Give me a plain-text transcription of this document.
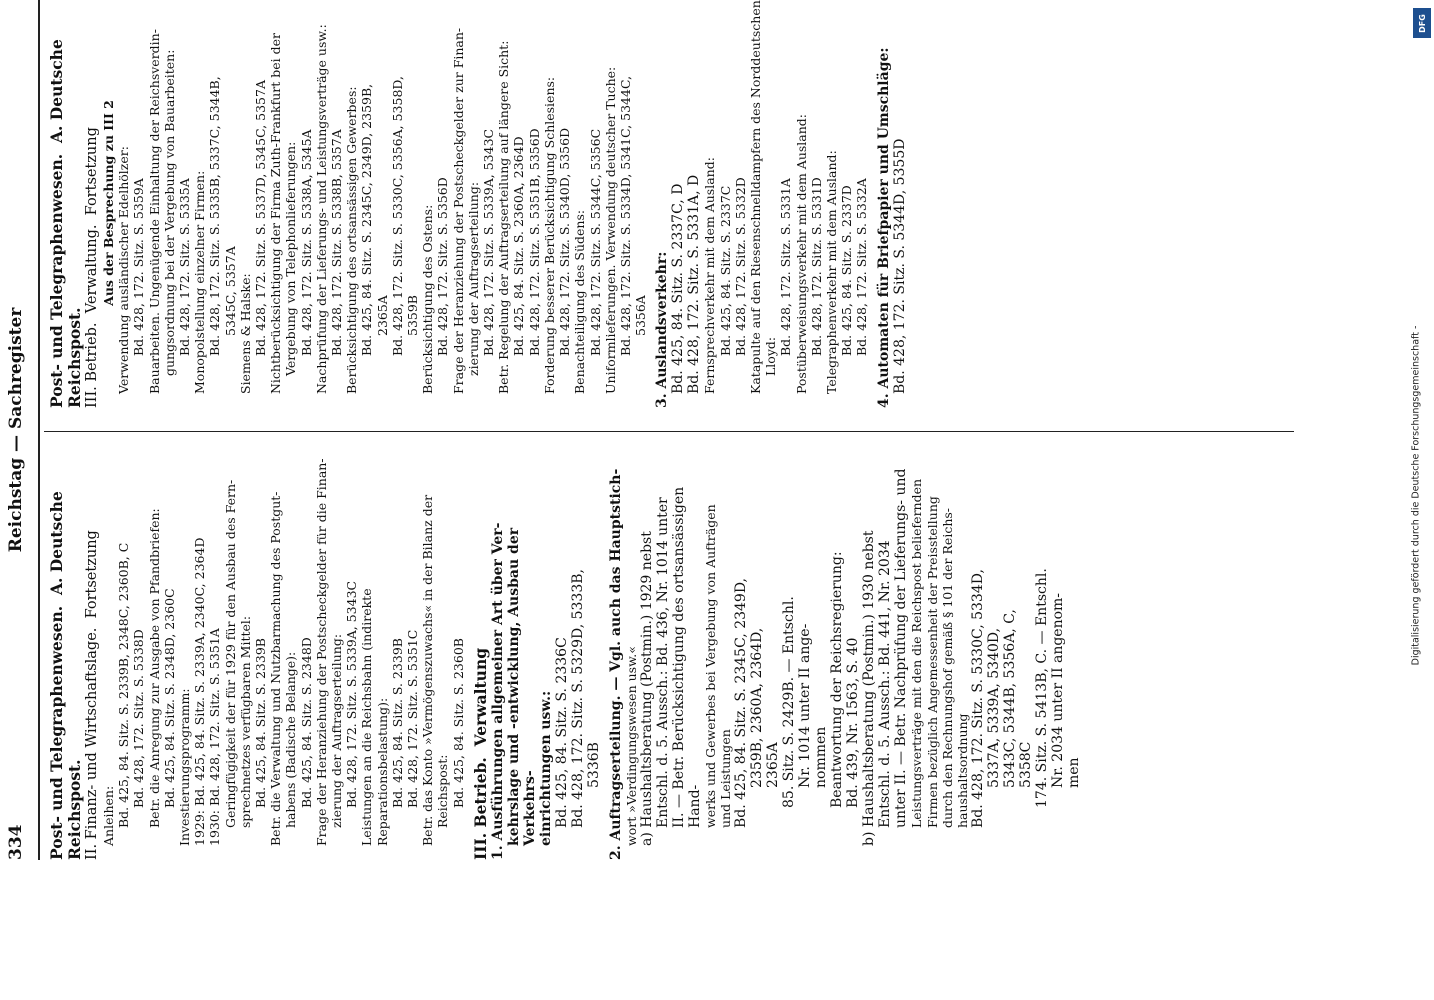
334
Reichstag — Sachregister
Post- und Telegraphenwesen.  A. Deutsche Reichspost. II. Finanz- und Wirtschaftslage.  Fortsetzung Anleihen: Bd. 425, 84. Sitz. S. 2339B, 2348C, 2360B, C Bd. 428, 172. Sitz. S. 5338D Betr. die Anregung zur Ausgabe von Pfandbriefen: Bd. 425, 84. Sitz. S. 2348D, 2360C Investierungsprogramm: 1929: Bd. 425, 84. Sitz. S. 2339A, 2340C, 2364D 1930: Bd. 428, 172. Sitz. S. 5351A Geringfügigkeit der für 1929 für den Ausbau des Fern- sprechnetzes verfügbaren Mittel: Bd. 425, 84. Sitz. S. 2339B Betr. die Verwaltung und Nutzbarmachung des Postgut- habens (Badische Belange): Bd. 425, 84. Sitz. S. 2348D Frage der Heranziehung der Postscheckgelder für die Finan- zierung der Auftragserteilung: Bd. 428, 172. Sitz. S. 5339A, 5343C Leistungen an die Reichsbahn (indirekte Reparationsbelastung): Bd. 425, 84. Sitz. S. 2339B Bd. 428, 172. Sitz. S. 5351C Betr. das Konto »Vermögenszuwachs« in der Bilanz der Reichspost: Bd. 425, 84. Sitz. S. 2360B III. Betrieb.  Verwaltung 1. Ausführungen allgemeiner Art über Ver- kehrslage und -entwicklung, Ausbau der Verkehrs- einrichtungen usw.: Bd. 425, 84. Sitz. S. 2336C Bd. 428, 172. Sitz. S. 5329D, 5333B, 5336B 2. Auftragserteilung. — Vgl. auch das Hauptstich- wort »Verdingungswesen usw.« a) Haushaltsberatung (Postmin.) 1929 nebst Entschl. d. 5. Aussch.: Bd. 436, Nr. 1014 unter II. — Betr. Berücksichtigung des ortsansässigen Hand- werks und Gewerbes bei Vergebung von Aufträgen und Leistungen Bd. 425, 84. Sitz. S. 2345C, 2349D, 2359B, 2360A, 2364D, 2365A 85. Sitz. S. 2429B. — Entschl. Nr. 1014 unter II ange- nommen Beantwortung der Reichsregierung: Bd. 439, Nr. 1563, S. 40 b) Haushaltsberatung (Postmin.) 1930 nebst Entschl. d. 5. Aussch.: Bd. 441, Nr. 2034 unter II. — Betr. Nachprüfung der Lieferungs- und Leistungsverträge mit den die Reichspost beliefernden Firmen bezüglich Angemessenheit der Preisstellung durch den Rechnungshof gemäß § 101 der Reichs- haushaltsordnung Bd. 428, 172. Sitz. S. 5330C, 5334D, 5337A, 5339A, 5340D, 5343C, 5344B, 5356A, C, 5358C 174. Sitz. S. 5413B, C. — Entschl. Nr. 2034 unter II angenom- men
Post- und Telegraphenwesen.  A. Deutsche Reichspost. III. Betrieb.  Verwaltung.  Fortsetzung Aus der Besprechung zu III 2 Verwendung ausländischer Edelhölzer: Bd. 428, 172. Sitz. S. 5359A Bauarbeiten. Ungenügende Einhaltung der Reichsverdin- gungsordnung bei der Vergebung von Bauarbeiten: Bd. 428, 172. Sitz. S. 5335A Monopolstellung einzelner Firmen: Bd. 428, 172. Sitz. S. 5335B, 5337C, 5344B, 5345C, 5357A Siemens & Halske: Bd. 428, 172. Sitz. S. 5337D, 5345C, 5357A Nichtberücksichtigung der Firma Zuth-Frankfurt bei der Vergebung von Telephonlieferungen: Bd. 428, 172. Sitz. S. 5338A, 5345A Nachprüfung der Lieferungs- und Leistungsverträge usw.: Bd. 428, 172. Sitz. S. 5338B, 5357A Berücksichtigung des ortsansässigen Gewerbes: Bd. 425, 84. Sitz. S. 2345C, 2349D, 2359B, 2365A Bd. 428, 172. Sitz. S. 5330C, 5356A, 5358D, 5359B Berücksichtigung des Ostens: Bd. 428, 172. Sitz. S. 5356D Frage der Heranziehung der Postscheckgelder zur Finan- zierung der Auftragserteilung: Bd. 428, 172. Sitz. S. 5339A, 5343C Betr. Regelung der Auftragserteilung auf längere Sicht: Bd. 425, 84. Sitz. S. 2360A, 2364D Bd. 428, 172. Sitz. S. 5351B, 5356D Forderung besserer Berücksichtigung Schlesiens: Bd. 428, 172. Sitz. S. 5340D, 5356D Benachteiligung des Südens: Bd. 428, 172. Sitz. S. 5344C, 5356C Uniformlieferungen. Verwendung deutscher Tuche: Bd. 428, 172. Sitz. S. 5334D, 5341C, 5344C, 5356A 3. Auslandsverkehr: Bd. 425, 84. Sitz. S. 2337C, D Bd. 428, 172. Sitz. S. 5331A, D Fernsprechverkehr mit dem Ausland: Bd. 425, 84. Sitz. S. 2337C Bd. 428, 172. Sitz. S. 5332D Katapulte auf den Riesenschnelldampfern des Norddeutschen Lloyd:
Bd. 428, 172. Sitz. S. 5331A Postüberweisungsverkehr mit dem Ausland: Bd. 428, 172. Sitz. S. 5331D Telegraphenverkehr mit dem Ausland: Bd. 425, 84. Sitz. S. 2337D Bd. 428, 172. Sitz. S. 5332A 4. Automaten für Briefpapier und Umschläge: Bd. 428, 172. Sitz. S. 5344D, 5355D
Digitalisierung gefördert durch die Deutsche Forschungsgemeinschaft -
DFG
